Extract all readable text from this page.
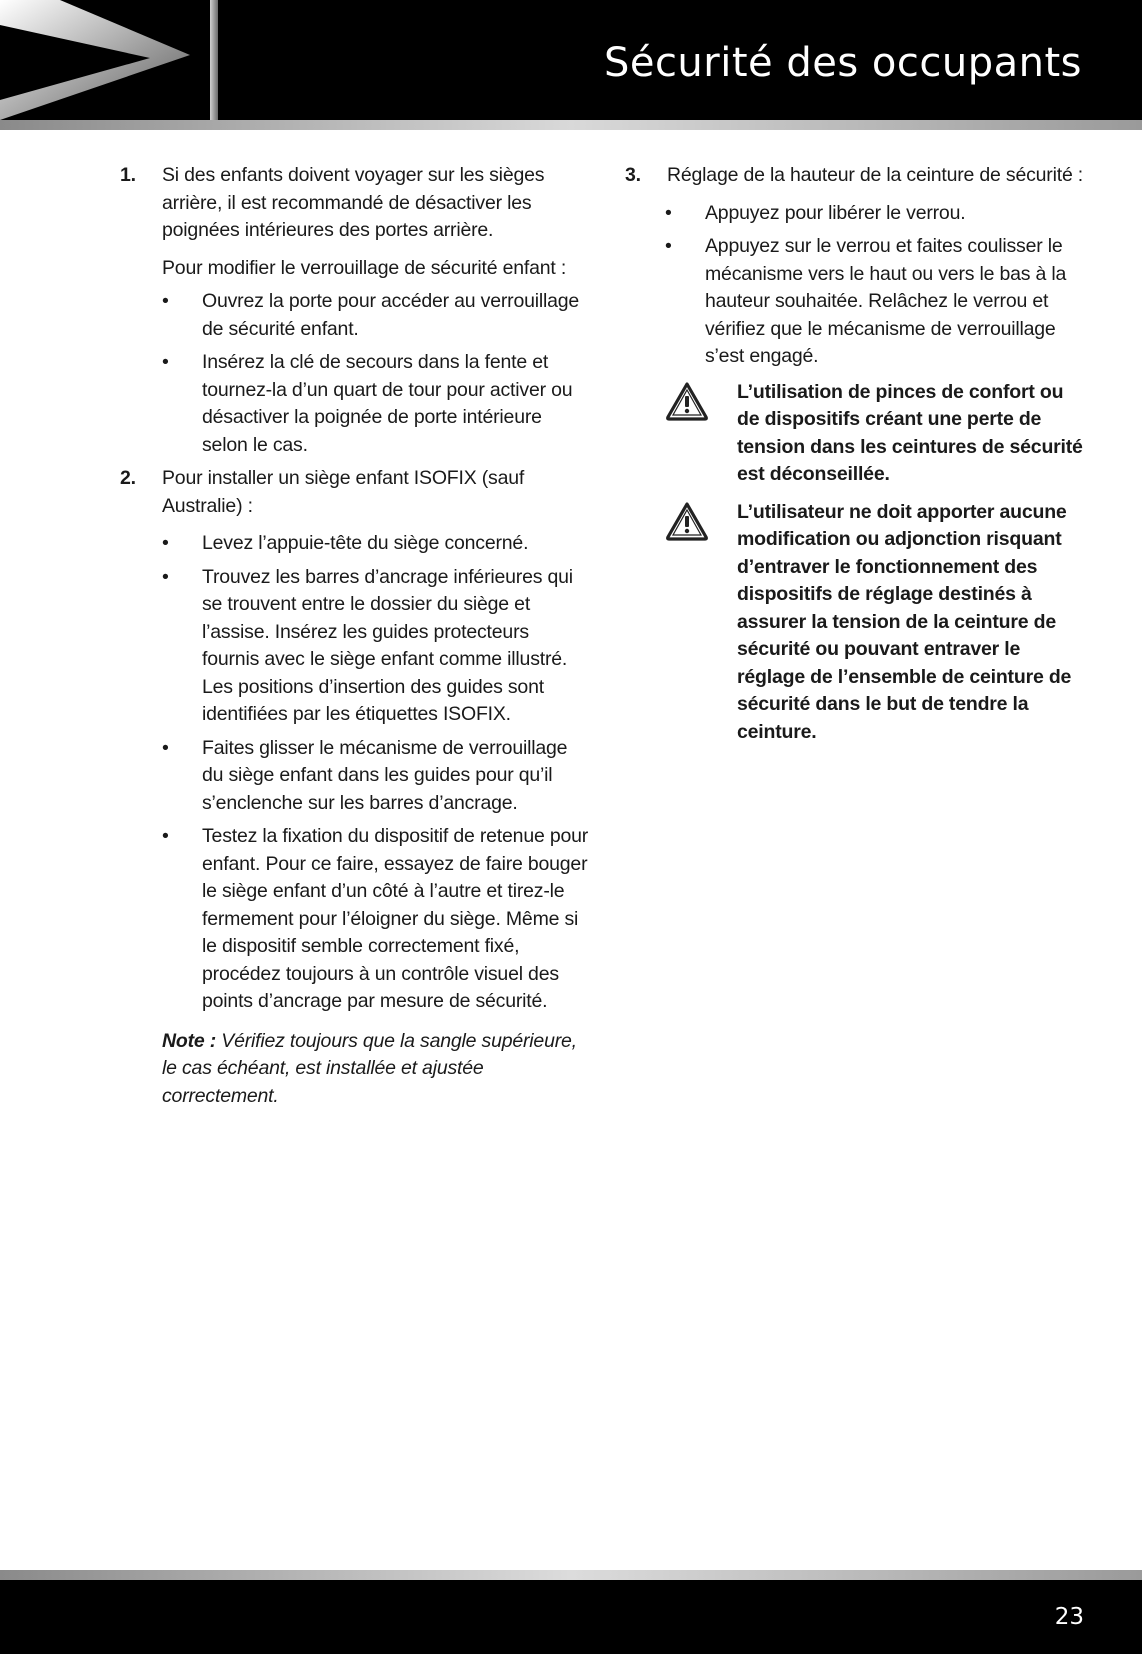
Sécurité des occupants
1. Si des enfants doivent voyager sur les sièges arrière, il est recommandé de désactiver les poignées intérieures des portes arrière.
Pour modifier le verrouillage de sécurité enfant :
• Ouvrez la porte pour accéder au verrouillage de sécurité enfant.
• Insérez la clé de secours dans la fente et tournez-la d’un quart de tour pour activer ou désactiver la poignée de porte intérieure selon le cas.
2. Pour installer un siège enfant ISOFIX (sauf Australie) :
• Levez l’appuie-tête du siège concerné.
• Trouvez les barres d’ancrage inférieures qui se trouvent entre le dossier du siège et l’assise. Insérez les guides protecteurs fournis avec le siège enfant comme illustré. Les positions d’insertion des guides sont identifiées par les étiquettes ISOFIX.
• Faites glisser le mécanisme de verrouillage du siège enfant dans les guides pour qu’il s’enclenche sur les barres d’ancrage.
• Testez la fixation du dispositif de retenue pour enfant. Pour ce faire, essayez de faire bouger le siège enfant d’un côté à l’autre et tirez-le fermement pour l’éloigner du siège. Même si le dispositif semble correctement fixé, procédez toujours à un contrôle visuel des points d’ancrage par mesure de sécurité.
Note : Vérifiez toujours que la sangle supérieure, le cas échéant, est installée et ajustée correctement.
3. Réglage de la hauteur de la ceinture de sécurité :
• Appuyez pour libérer le verrou.
• Appuyez sur le verrou et faites coulisser le mécanisme vers le haut ou vers le bas à la hauteur souhaitée. Relâchez le verrou et vérifiez que le mécanisme de verrouillage s’est engagé.
L’utilisation de pinces de confort ou de dispositifs créant une perte de tension dans les ceintures de sécurité est déconseillée.
L’utilisateur ne doit apporter aucune modification ou adjonction risquant d’entraver le fonctionnement des dispositifs de réglage destinés à assurer la tension de la ceinture de sécurité ou pouvant entraver le réglage de l’ensemble de ceinture de sécurité dans le but de tendre la ceinture.
23
